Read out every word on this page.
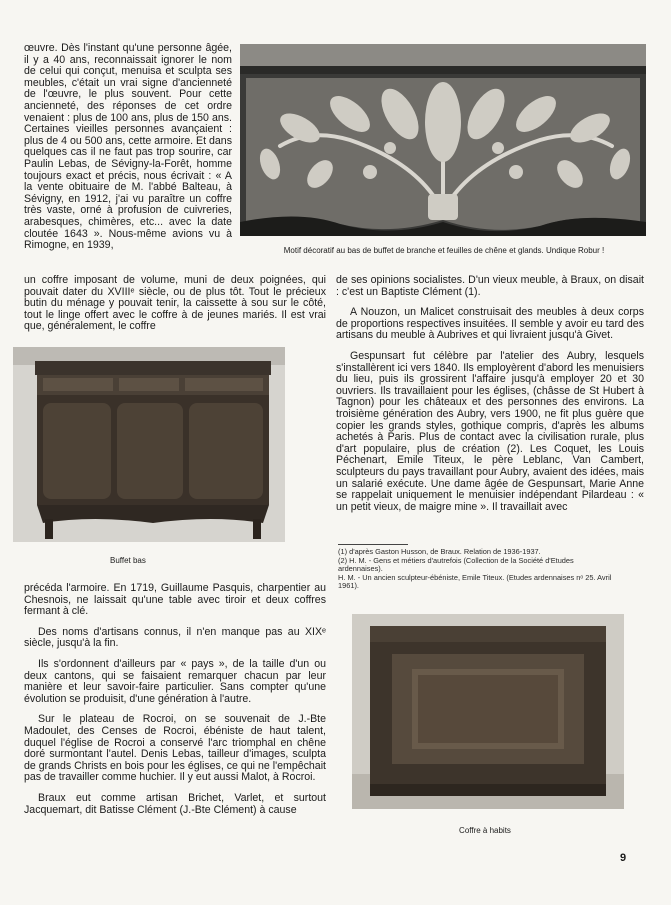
œuvre. Dès l'instant qu'une personne âgée, il y a 40 ans, reconnaissait ignorer le nom de celui qui conçut, menuisa et sculpta ses meubles, c'était un vrai signe d'ancienneté de l'œuvre, le plus souvent. Pour cette ancienneté, des réponses de cet ordre venaient : plus de 100 ans, plus de 150 ans. Certaines vieilles personnes avançaient : plus de 4 ou 500 ans, cette armoire. Et dans quelques cas il ne faut pas trop sourire, car Paulin Lebas, de Sévigny-la-Forêt, homme toujours exact et précis, nous écrivait : « A la vente obituaire de M. l'abbé Balteau, à Sévigny, en 1912, j'ai vu paraître un coffre très vaste, orné à profusion de cuivreries, arabesques, chimères, etc... avec la date cloutée 1643 ». Nous-même avions vu à Rimogne, en 1939,	Motif décoratif au bas de buffet de branche et feuilles de chêne et glands. Undique Robur !

un coffre imposant de volume, muni de deux poignées, qui pouvait dater du XVIIIᵉ siècle, ou de plus tôt. Tout le précieux butin du ménage y pouvait tenir, la caissette à sou sur le côté, tout le linge offert avec le coffre à de jeunes mariés. Il est vrai que, généralement, le coffre

Buffet bas

précéda l'armoire. En 1719, Guillaume Pasquis, charpentier au Chesnois, ne laissait qu'une table avec tiroir et deux coffres fermant à clé.

Des noms d'artisans connus, il n'en manque pas au XIXᵉ siècle, jusqu'à la fin.

Ils s'ordonnent d'ailleurs par « pays », de la taille d'un ou deux cantons, qui se faisaient remarquer chacun par leur manière et leur savoir-faire particulier. Sans compter qu'une évolution se produisit, d'une génération à l'autre.

Sur le plateau de Rocroi, on se souvenait de J.-Bte Madoulet, des Censes de Rocroi, ébéniste de haut talent, duquel l'église de Rocroi a conservé l'arc triomphal en chêne doré surmontant l'autel. Denis Lebas, tailleur d'images, sculpta de grands Christs en bois pour les églises, ce qui ne l'empêchait pas de travailler comme huchier. Il y eut aussi Malot, à Rocroi.

Braux eut comme artisan Brichet, Varlet, et surtout Jacquemart, dit Batisse Clément (J.-Bte Clément) à cause

de ses opinions socialistes. D'un vieux meuble, à Braux, on disait : c'est un Baptiste Clément (1).

A Nouzon, un Malicet construisait des meubles à deux corps de proportions respectives insuitées. Il semble y avoir eu tard des artisans du meuble à Aubrives et qui livraient jusqu'à Givet.

Gespunsart fut célèbre par l'atelier des Aubry, lesquels s'installèrent ici vers 1840. Ils employèrent d'abord les menuisiers du lieu, puis ils grossirent l'affaire jusqu'à employer 20 et 30 ouvriers. Ils travaillaient pour les églises, (châsse de St Hubert à Tagnon) pour les châteaux et des personnes des environs. La troisième génération des Aubry, vers 1900, ne fit plus guère que copier les grands styles, gothique compris, d'après les albums achetés à Paris. Plus de contact avec la civilisation rurale, plus d'art populaire, plus de création (2). Les Coquet, les Louis Péchenart, Emile Titeux, le père Leblanc, Van Cambert, sculpteurs du pays travaillant pour Aubry, avaient des idées, mais un salarié exécute. Une dame âgée de Gespunsart, Marie Anne se rappelait uniquement le menuisier indépendant Pilardeau : « un petit vieux, de maigre mine ». Il travaillait avec

(1) d'après Gaston Husson, de Braux. Relation de 1936-1937.
(2) H. M. - Gens et métiers d'autrefois (Collection de la Société d'Etudes ardennaises).
H. M. - Un ancien sculpteur-ébéniste, Emile Titeux. (Etudes ardennaises nᵒ 25. Avril 1961).
Coffre à habits
9
